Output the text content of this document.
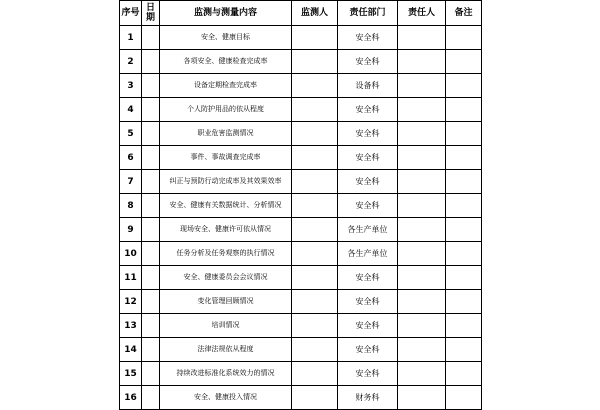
序号	日期	监测与测量内容	监测人	责任部门	责任人	备注
1		安全、健康目标		安全科		
2		各项安全、健康检查完成率		安全科		
3		设备定期检查完成率		设备科		
4		个人防护用品的依从程度		安全科		
5		职业危害监测情况		安全科		
6		事件、事故调查完成率		安全科		
7		纠正与预防行动完成率及其效果效率		安全科		
8		安全、健康有关数据统计、分析情况		安全科		
9		现场安全、健康许可依从情况		各生产单位		
10		任务分析及任务观察的执行情况		各生产单位		
11		安全、健康委员会会议情况		安全科		
12		变化管理回顾情况		安全科		
13		培训情况		安全科		
14		法律法规依从程度		安全科		
15		持续改进标准化系统效力的情况		安全科		
16		安全、健康投入情况		财务科		
